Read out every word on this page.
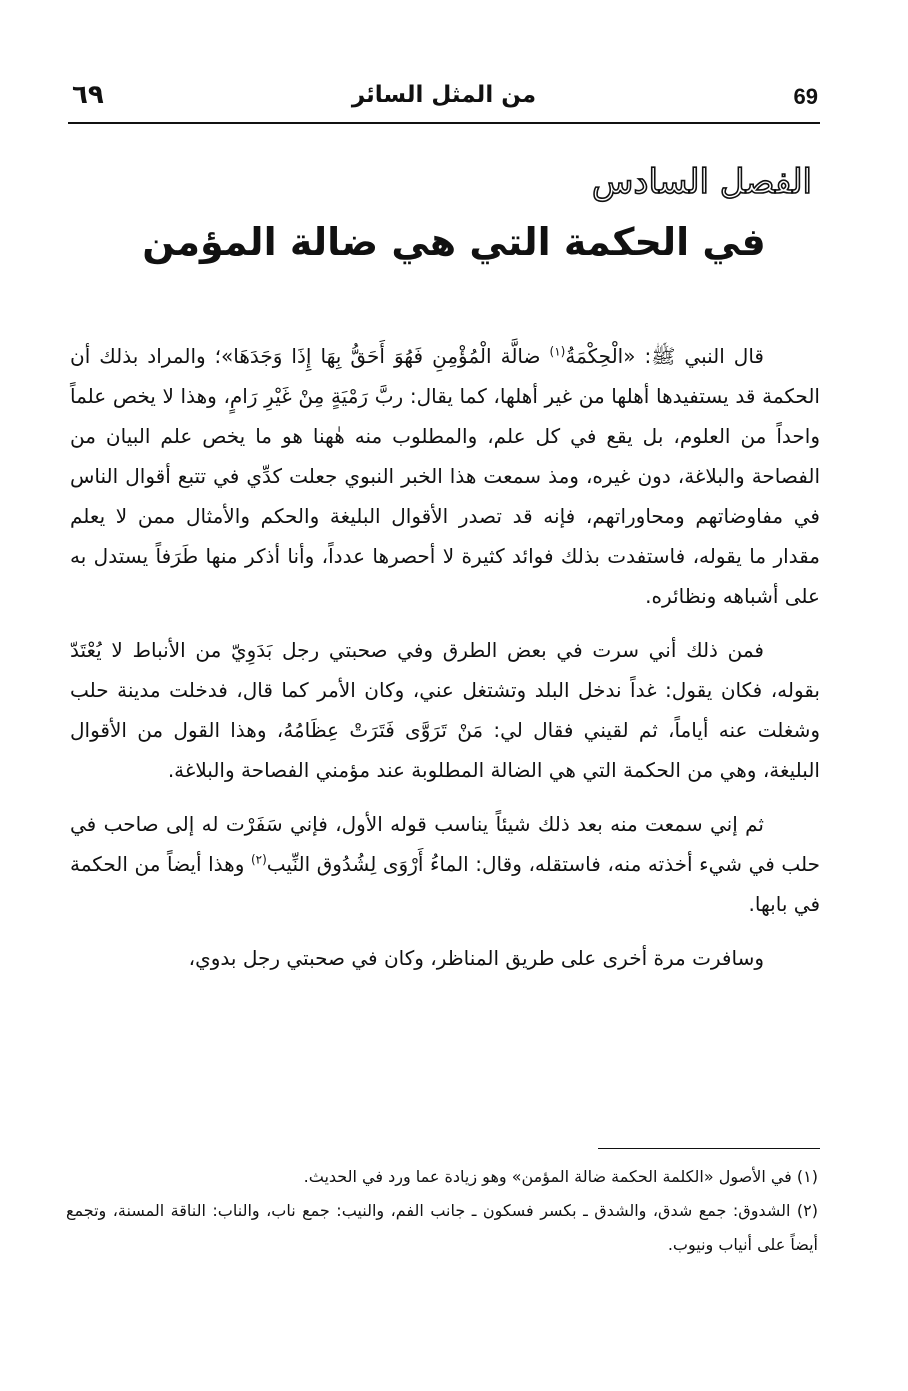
٦٩	من المثل السائر	69
الفصل السادس
في الحكمة التي هي ضالة المؤمن

قال النبي ﷺ: «الْحِكْمَةُ$^{(١)}$ ضالَّة الْمُؤْمِنِ فَهُوَ أَحَقُّ بِهَا إِذَا وَجَدَهَا»؛ والمراد بذلك أن الحكمة قد يستفيدها أهلها من غير أهلها، كما يقال: ربَّ رَمْيَةٍ مِنْ غَيْرِ رَامٍ، وهذا لا يخص علماً واحداً من العلوم، بل يقع في كل علم، والمطلوب منه هٰهنا هو ما يخص علم البيان من الفصاحة والبلاغة، دون غيره، ومذ سمعت هذا الخبر النبوي جعلت كدِّي في تتبع أقوال الناس في مفاوضاتهم ومحاوراتهم، فإنه قد تصدر الأقوال البليغة والحكم والأمثال ممن لا يعلم مقدار ما يقوله، فاستفدت بذلك فوائد كثيرة لا أحصرها عدداً، وأنا أذكر منها طَرَفاً يستدل به على أشباهه ونظائره.

فمن ذلك أني سرت في بعض الطرق وفي صحبتي رجل بَدَوِيّ من الأنباط لا يُعْتَدّ بقوله، فكان يقول: غداً ندخل البلد وتشتغل عني، وكان الأمر كما قال، فدخلت مدينة حلب وشغلت عنه أياماً، ثم لقيني فقال لي: مَنْ تَرَوَّى فَتَرَتْ عِظَامُهُ، وهذا القول من الأقوال البليغة، وهي من الحكمة التي هي الضالة المطلوبة عند مؤمني الفصاحة والبلاغة.

ثم إني سمعت منه بعد ذلك شيئاً يناسب قوله الأول، فإني سَفَرْت له إلى صاحب في حلب في شيء أخذته منه، فاستقله، وقال: الماءُ أَرْوَى لِشُدُوق النِّيب$^{(٢)}$ وهذا أيضاً من الحكمة في بابها.

وسافرت مرة أخرى على طريق المناظر، وكان في صحبتي رجل بدوي،

(١) في الأصول «الكلمة الحكمة ضالة المؤمن» وهو زيادة عما ورد في الحديث.

(٢) الشدوق: جمع شدق، والشدق ـ بكسر فسكون ـ جانب الفم، والنيب: جمع ناب، والناب: الناقة المسنة، وتجمع أيضاً على أنياب ونيوب.
